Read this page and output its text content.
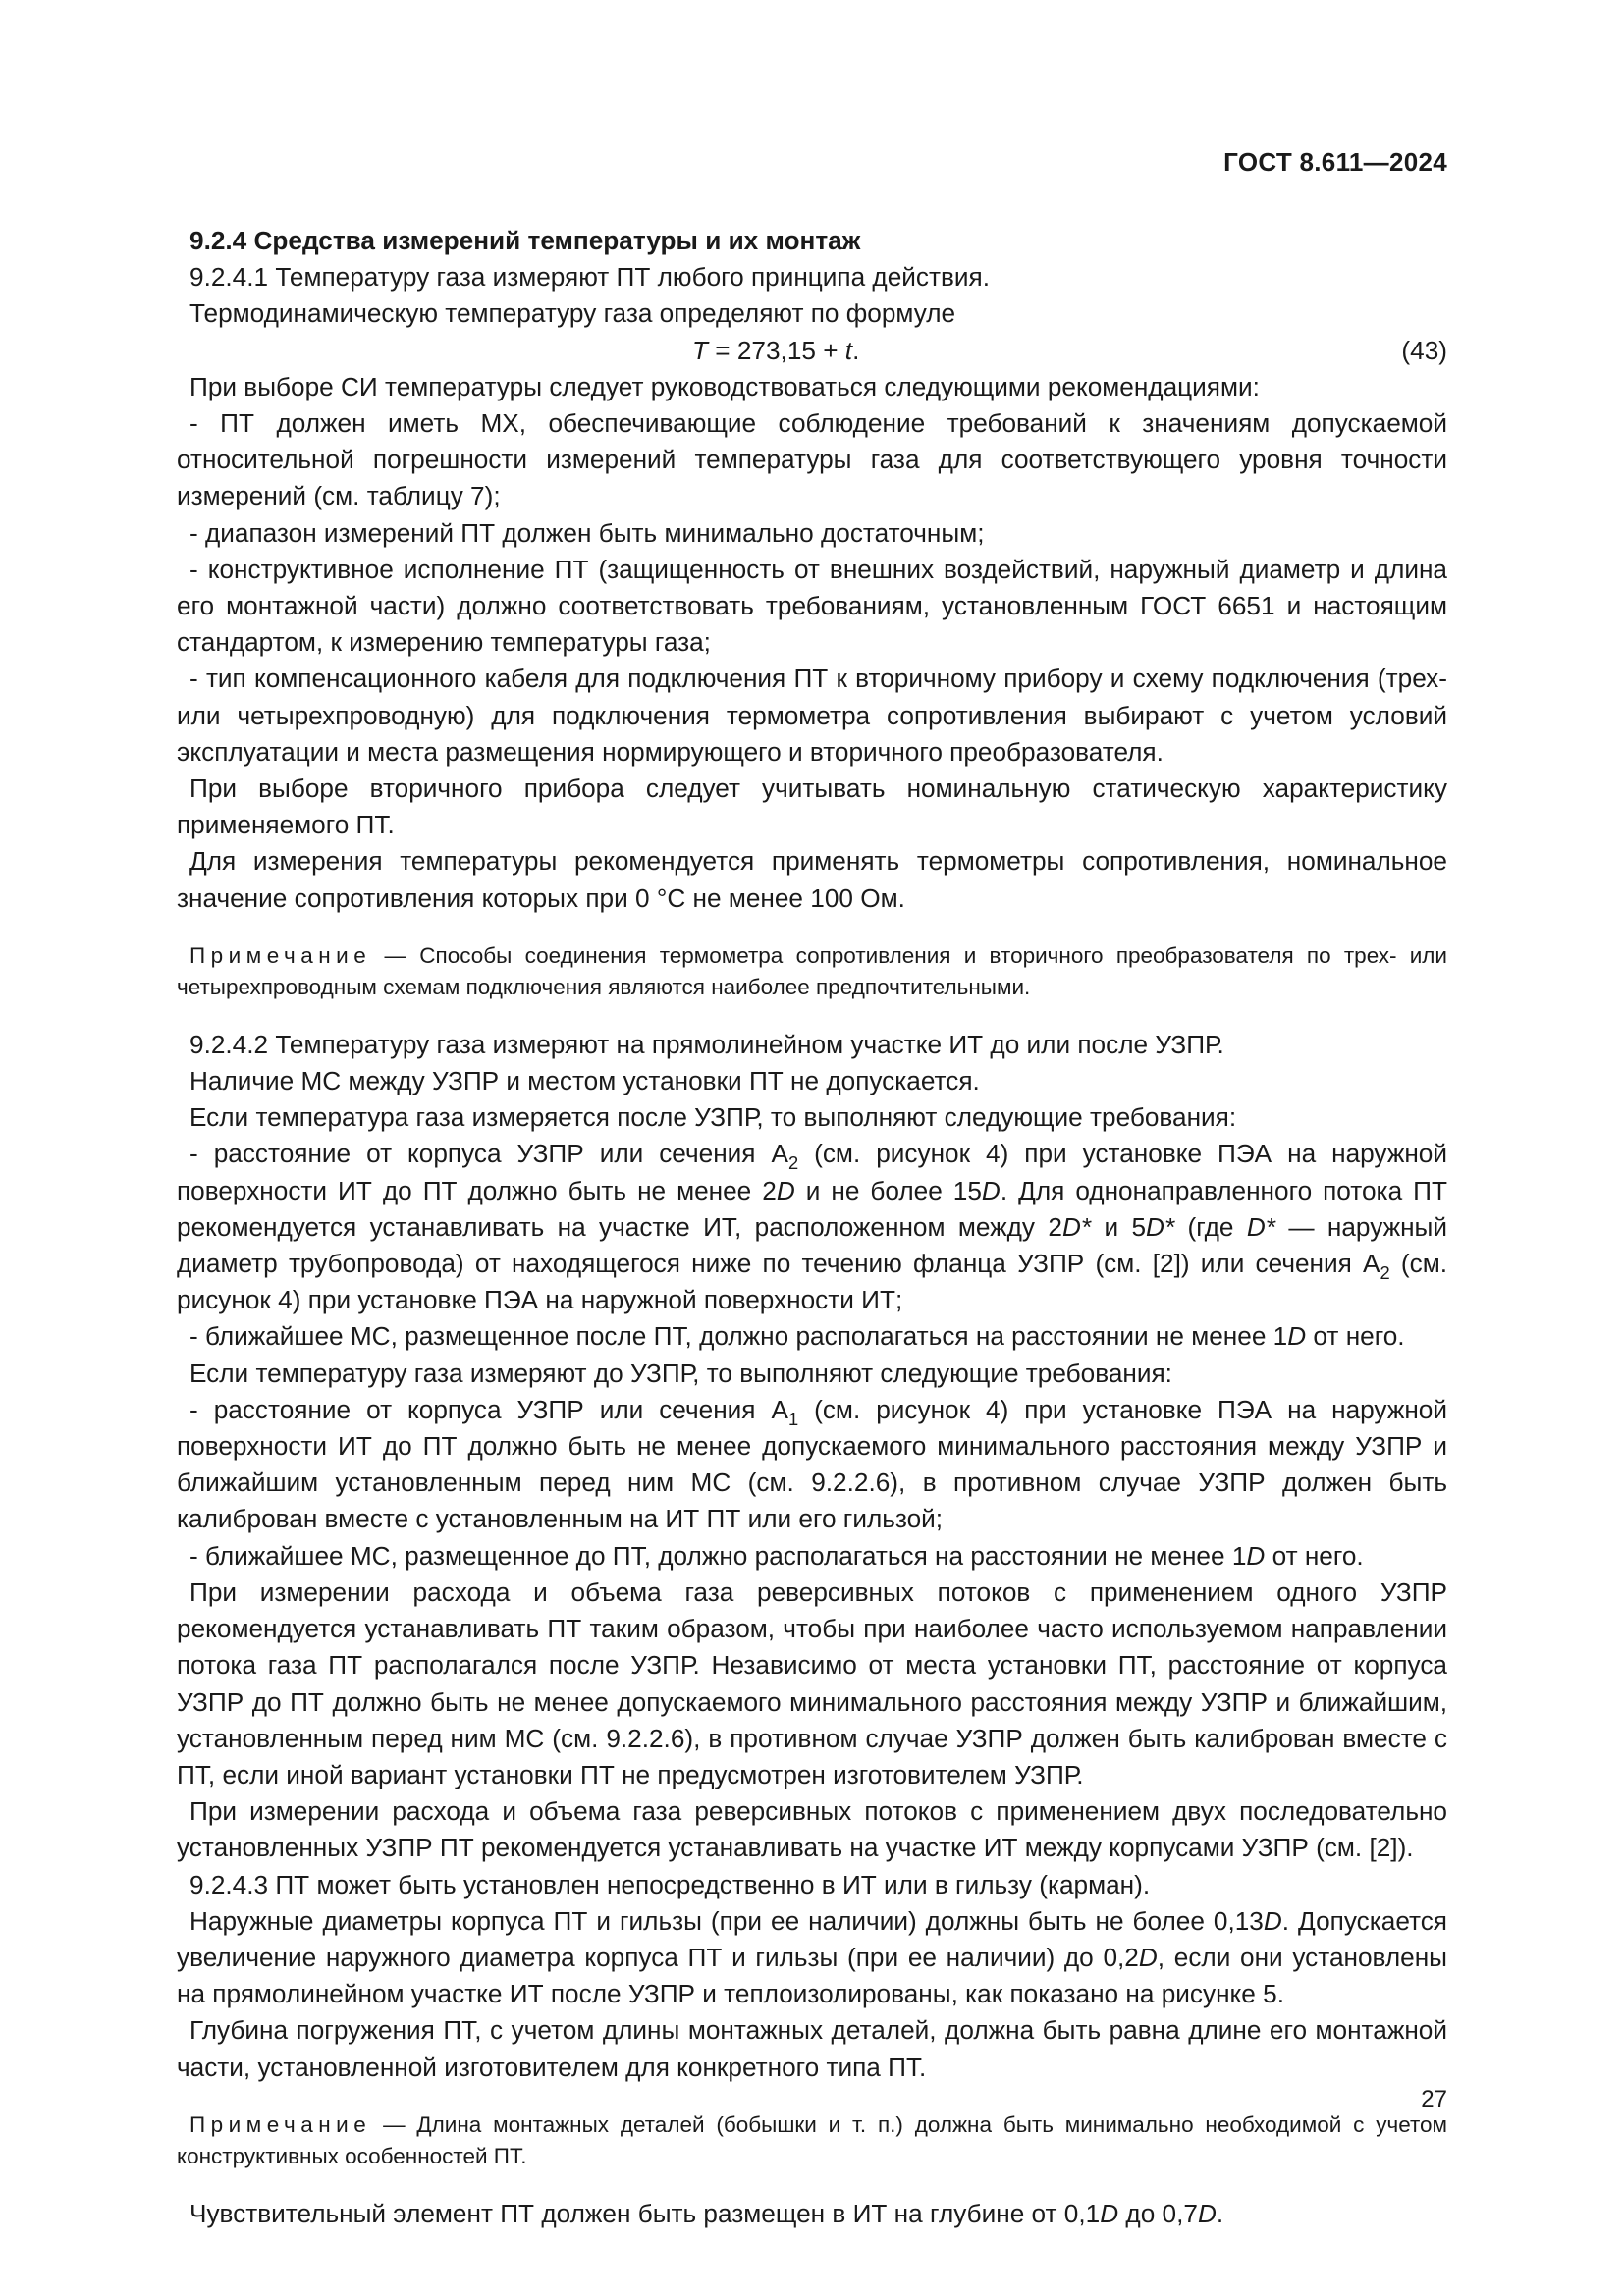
ГОСТ 8.611—2024

9.2.4 Средства измерений температуры и их монтаж

9.2.4.1 Температуру газа измеряют ПТ любого принципа действия.

Термодинамическую температуру газа определяют по формуле

T = 273,15 + t.	(43)

При выборе СИ температуры следует руководствоваться следующими рекомендациями:

- ПТ должен иметь МХ, обеспечивающие соблюдение требований к значениям допускаемой относительной погрешности измерений температуры газа для соответствующего уровня точности измерений (см. таблицу 7);

- диапазон измерений ПТ должен быть минимально достаточным;

- конструктивное исполнение ПТ (защищенность от внешних воздействий, наружный диаметр и длина его монтажной части) должно соответствовать требованиям, установленным ГОСТ 6651 и настоящим стандартом, к измерению температуры газа;

- тип компенсационного кабеля для подключения ПТ к вторичному прибору и схему подключения (трех- или четырехпроводную) для подключения термометра сопротивления выбирают с учетом условий эксплуатации и места размещения нормирующего и вторичного преобразователя.

При выборе вторичного прибора следует учитывать номинальную статическую характеристику применяемого ПТ.

Для измерения температуры рекомендуется применять термометры сопротивления, номинальное значение сопротивления которых при 0 °С не менее 100 Ом.

Примечание — Способы соединения термометра сопротивления и вторичного преобразователя по трех- или четырехпроводным схемам подключения являются наиболее предпочтительными.

9.2.4.2 Температуру газа измеряют на прямолинейном участке ИТ до или после УЗПР.

Наличие МС между УЗПР и местом установки ПТ не допускается.

Если температура газа измеряется после УЗПР, то выполняют следующие требования:

- расстояние от корпуса УЗПР или сечения $А_2$ (см. рисунок 4) при установке ПЭА на наружной поверхности ИТ до ПТ должно быть не менее 2D и не более 15D. Для однонаправленного потока ПТ рекомендуется устанавливать на участке ИТ, расположенном между 2D* и 5D* (где D* — наружный диаметр трубопровода) от находящегося ниже по течению фланца УЗПР (см. [2]) или сечения $А_2$ (см. рисунок 4) при установке ПЭА на наружной поверхности ИТ;

- ближайшее МС, размещенное после ПТ, должно располагаться на расстоянии не менее 1D от него.

Если температуру газа измеряют до УЗПР, то выполняют следующие требования:

- расстояние от корпуса УЗПР или сечения $А_1$ (см. рисунок 4) при установке ПЭА на наружной поверхности ИТ до ПТ должно быть не менее допускаемого минимального расстояния между УЗПР и ближайшим установленным перед ним МС (см. 9.2.2.6), в противном случае УЗПР должен быть калиброван вместе с установленным на ИТ ПТ или его гильзой;

- ближайшее МС, размещенное до ПТ, должно располагаться на расстоянии не менее 1D от него.

При измерении расхода и объема газа реверсивных потоков с применением одного УЗПР рекомендуется устанавливать ПТ таким образом, чтобы при наиболее часто используемом направлении потока газа ПТ располагался после УЗПР. Независимо от места установки ПТ, расстояние от корпуса УЗПР до ПТ должно быть не менее допускаемого минимального расстояния между УЗПР и ближайшим, установленным перед ним МС (см. 9.2.2.6), в противном случае УЗПР должен быть калиброван вместе с ПТ, если иной вариант установки ПТ не предусмотрен изготовителем УЗПР.

При измерении расхода и объема газа реверсивных потоков с применением двух последовательно установленных УЗПР ПТ рекомендуется устанавливать на участке ИТ между корпусами УЗПР (см. [2]).

9.2.4.3 ПТ может быть установлен непосредственно в ИТ или в гильзу (карман).

Наружные диаметры корпуса ПТ и гильзы (при ее наличии) должны быть не более 0,13D. Допускается увеличение наружного диаметра корпуса ПТ и гильзы (при ее наличии) до 0,2D, если они установлены на прямолинейном участке ИТ после УЗПР и теплоизолированы, как показано на рисунке 5.

Глубина погружения ПТ, с учетом длины монтажных деталей, должна быть равна длине его монтажной части, установленной изготовителем для конкретного типа ПТ.

Примечание — Длина монтажных деталей (бобышки и т. п.) должна быть минимально необходимой с учетом конструктивных особенностей ПТ.

Чувствительный элемент ПТ должен быть размещен в ИТ на глубине от 0,1D до 0,7D.

27
